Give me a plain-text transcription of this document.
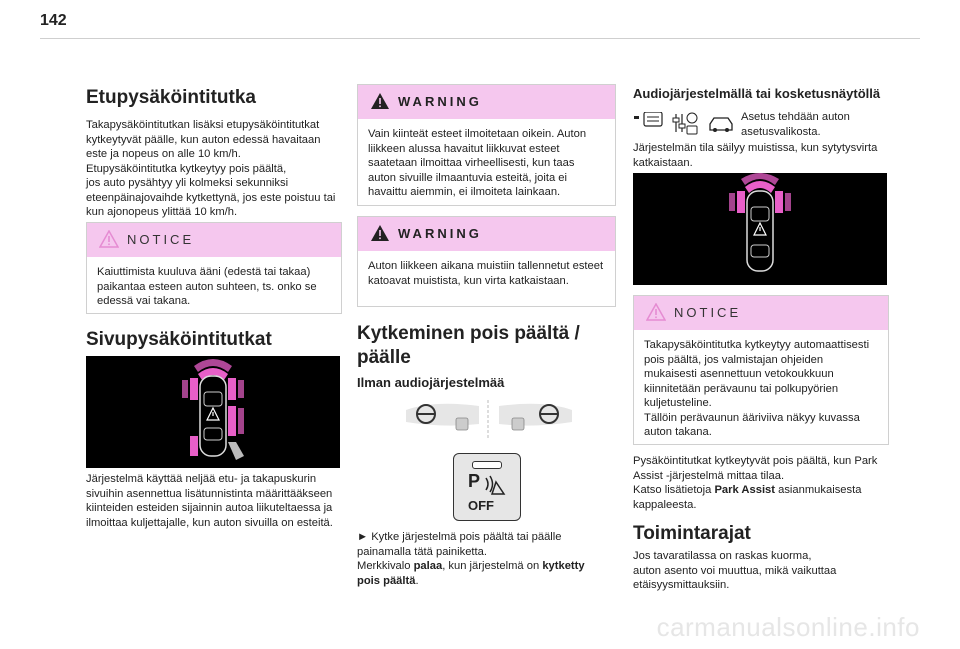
142
Etupysäköintitutka

Takapysäköintitutkan lisäksi etupysäköintitutkat kytkeytyvät päälle, kun auton edessä havaitaan este ja nopeus on alle 10 km/h.
Etupysäköintitutka kytkeytyy pois päältä,
jos auto pysähtyy yli kolmeksi sekunniksi eteenpäinajovaihde kytkettynä, jos este poistuu tai kun ajonopeus ylittää 10 km/h.

NOTICE

Kaiuttimista kuuluva ääni (edestä tai takaa) paikantaa esteen auton suhteen, ts. onko se edessä vai takana.

Sivupysäköintitutkat

Järjestelmä käyttää neljää etu- ja takapuskurin sivuihin asennettua lisätunnistinta määrittääkseen kiinteiden esteiden sijainnin autoa liikuteltaessa ja ilmoittaa kuljettajalle, kun auton sivuilla on esteitä.

WARNING

Vain kiinteät esteet ilmoitetaan oikein. Auton liikkeen alussa havaitut liikkuvat esteet saatetaan ilmoittaa virheellisesti, kun taas auton sivuille ilmaantuvia esteitä, joita ei havaittu aiemmin, ei ilmoiteta lainkaan.

WARNING

Auton liikkeen aikana muistiin tallennetut esteet katoavat muistista, kun virta katkaistaan.

Kytkeminen pois päältä / päälle
Ilman audiojärjestelmää
P
OFF

► Kytke järjestelmä pois päältä tai päälle painamalla tätä painiketta.
Merkkivalo palaa, kun järjestelmä on kytketty pois päältä.

Audiojärjestelmällä tai kosketusnäytöllä

Asetus tehdään auton asetusvalikosta.

Järjestelmän tila säilyy muistissa, kun sytytysvirta katkaistaan.

NOTICE

Takapysäköintitutka kytkeytyy automaattisesti pois päältä, jos valmistajan ohjeiden mukaisesti asennettuun vetokoukkuun kiinnitetään perävaunu tai polkupyörien kuljetusteline.
Tällöin perävaunun ääriviiva näkyy kuvassa auton takana.

Pysäköintitutkat kytkeytyvät pois päältä, kun Park Assist -järjestelmä mittaa tilaa.
Katso lisätietoja Park Assist asianmukaisesta kappaleesta.

Toimintarajat

Jos tavaratilassa on raskas kuorma,
auton asento voi muuttua, mikä vaikuttaa etäisyysmittauksiin.

carmanualsonline.info
